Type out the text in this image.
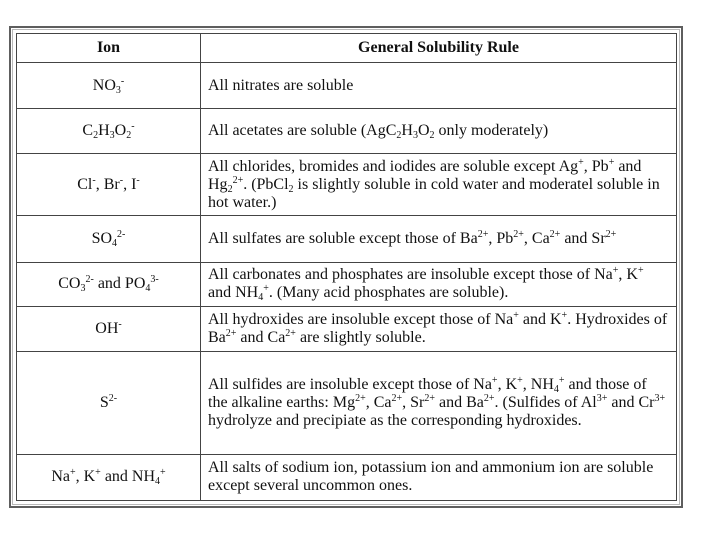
Ion	General Solubility Rule
$NO_3^-$	All nitrates are soluble
$C_2H_3O_2^-$	All acetates are soluble ($AgC_2H_3O_2$ only moderately)
Cl-, Br-, I-	All chlorides, bromides and iodides are soluble except Ag+, Pb+ and $Hg_2^{2+}$. (PbCl$_2$ is slightly soluble in cold water and moderatel soluble in hot water.)
$SO_4^{2-}$	All sulfates are soluble except those of $Ba^{2+}$, $Pb^{2+}$, $Ca^{2+}$ and $Sr^{2+}$
$CO_3^{2-}$ and $PO_4^{3-}$	All carbonates and phosphates are insoluble except those of Na+, K+ and $NH_4^+$. (Many acid phosphates are soluble).
OH-	All hydroxides are insoluble except those of Na+ and K+. Hydroxides of $Ba^{2+}$ and $Ca^{2+}$ are slightly soluble.
$S^{2-}$	All sulfides are insoluble except those of Na+, K+, $NH_4^+$ and those of the alkaline earths: $Mg^{2+}$, $Ca^{2+}$, $Sr^{2+}$ and $Ba^{2+}$. (Sulfides of $Al^{3+}$ and $Cr^{3+}$ hydrolyze and precipiate as the corresponding hydroxides.
Na+, K+ and $NH_4^+$	All salts of sodium ion, potassium ion and ammonium ion are soluble except several uncommon ones.
